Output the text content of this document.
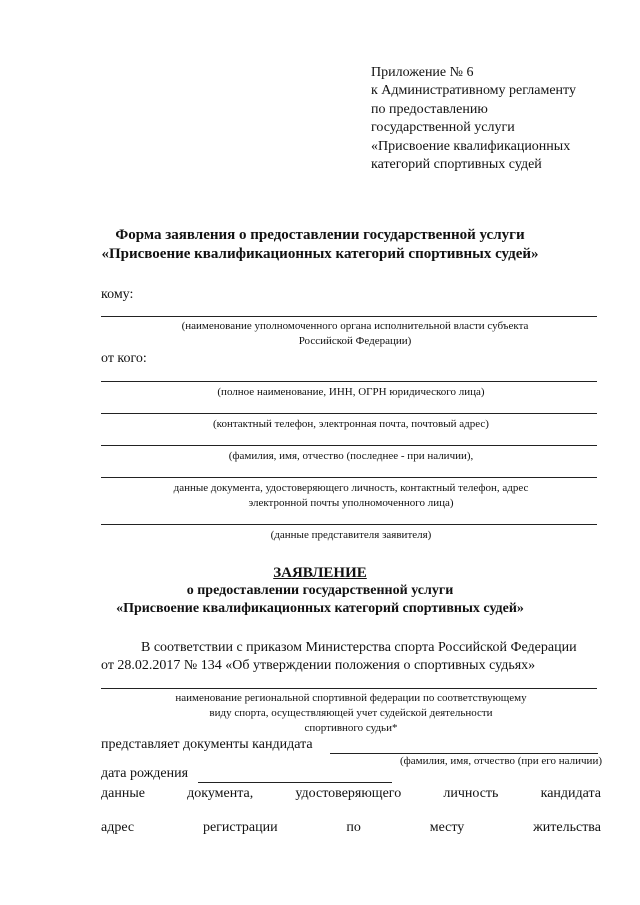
Приложение № 6
к Административному регламенту
по предоставлению
государственной услуги
«Присвоение квалификационных
категорий спортивных судей
Форма заявления о предоставлении государственной услуги
«Присвоение квалификационных категорий спортивных судей»
кому:
(наименование уполномоченного органа исполнительной власти субъекта
Российской Федерации)
от кого:
(полное наименование, ИНН, ОГРН юридического лица)
(контактный телефон, электронная почта, почтовый адрес)
(фамилия, имя, отчество (последнее - при наличии),
данные документа, удостоверяющего личность, контактный телефон, адрес
электронной почты уполномоченного лица)
(данные представителя заявителя)
ЗАЯВЛЕНИЕ
о предоставлении государственной услуги
«Присвоение квалификационных категорий спортивных судей»
В соответствии с приказом Министерства спорта Российской Федерации
от 28.02.2017 № 134 «Об утверждении положения о спортивных судьях»
наименование региональной спортивной федерации по соответствующему
виду спорта, осуществляющей учет судейской деятельности
спортивного судьи*
представляет документы кандидата
(фамилия, имя, отчество (при его наличии)
дата рождения
данные	документа,	удостоверяющего	личность	кандидата
адрес	регистрации	по	месту	жительства
